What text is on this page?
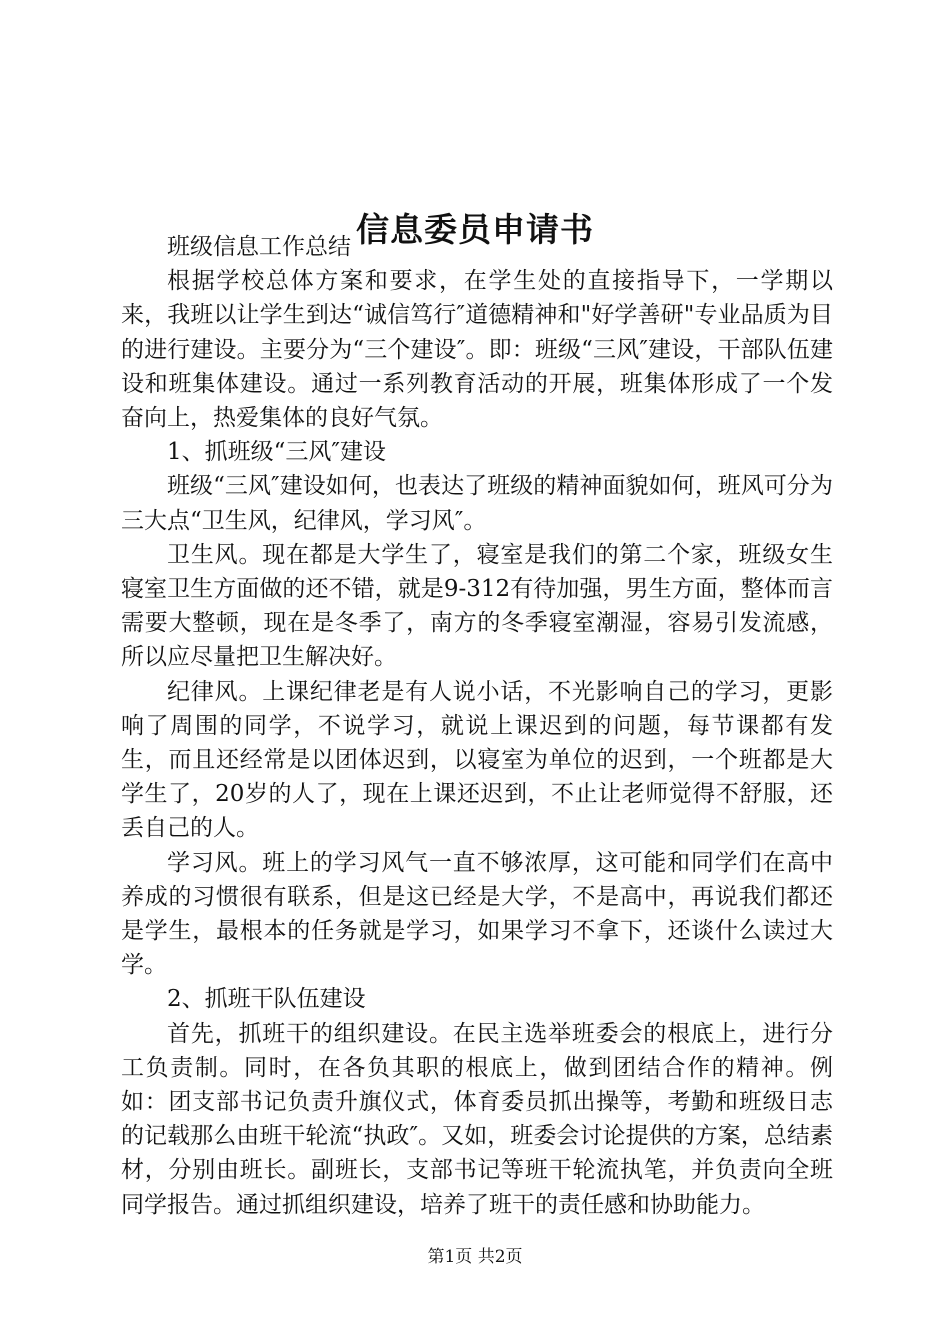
信息委员申请书

班级信息工作总结

根据学校总体方案和要求，在学生处的直接指导下，一学期以来，我班以让学生到达“诚信笃行″道德精神和"好学善研"专业品质为目的进行建设。主要分为“三个建设″。即：班级“三风″建设，干部队伍建设和班集体建设。通过一系列教育活动的开展，班集体形成了一个发奋向上，热爱集体的良好气氛。

1、抓班级“三风″建设

班级“三风″建设如何，也表达了班级的精神面貌如何，班风可分为三大点“卫生风，纪律风，学习风″。

卫生风。现在都是大学生了，寝室是我们的第二个家，班级女生寝室卫生方面做的还不错，就是9-312有待加强，男生方面，整体而言需要大整顿，现在是冬季了，南方的冬季寝室潮湿，容易引发流感，所以应尽量把卫生解决好。

纪律风。上课纪律老是有人说小话，不光影响自己的学习，更影响了周围的同学，不说学习，就说上课迟到的问题，每节课都有发生，而且还经常是以团体迟到，以寝室为单位的迟到，一个班都是大学生了，20岁的人了，现在上课还迟到，不止让老师觉得不舒服，还丢自己的人。

学习风。班上的学习风气一直不够浓厚，这可能和同学们在高中养成的习惯很有联系，但是这已经是大学，不是高中，再说我们都还是学生，最根本的任务就是学习，如果学习不拿下，还谈什么读过大学。

2、抓班干队伍建设

首先，抓班干的组织建设。在民主选举班委会的根底上，进行分工负责制。同时，在各负其职的根底上，做到团结合作的精神。例如：团支部书记负责升旗仪式，体育委员抓出操等，考勤和班级日志的记载那么由班干轮流“执政″。又如，班委会讨论提供的方案，总结素材，分别由班长。副班长，支部书记等班干轮流执笔，并负责向全班同学报告。通过抓组织建设，培养了班干的责任感和协助能力。

第1页 共2页
